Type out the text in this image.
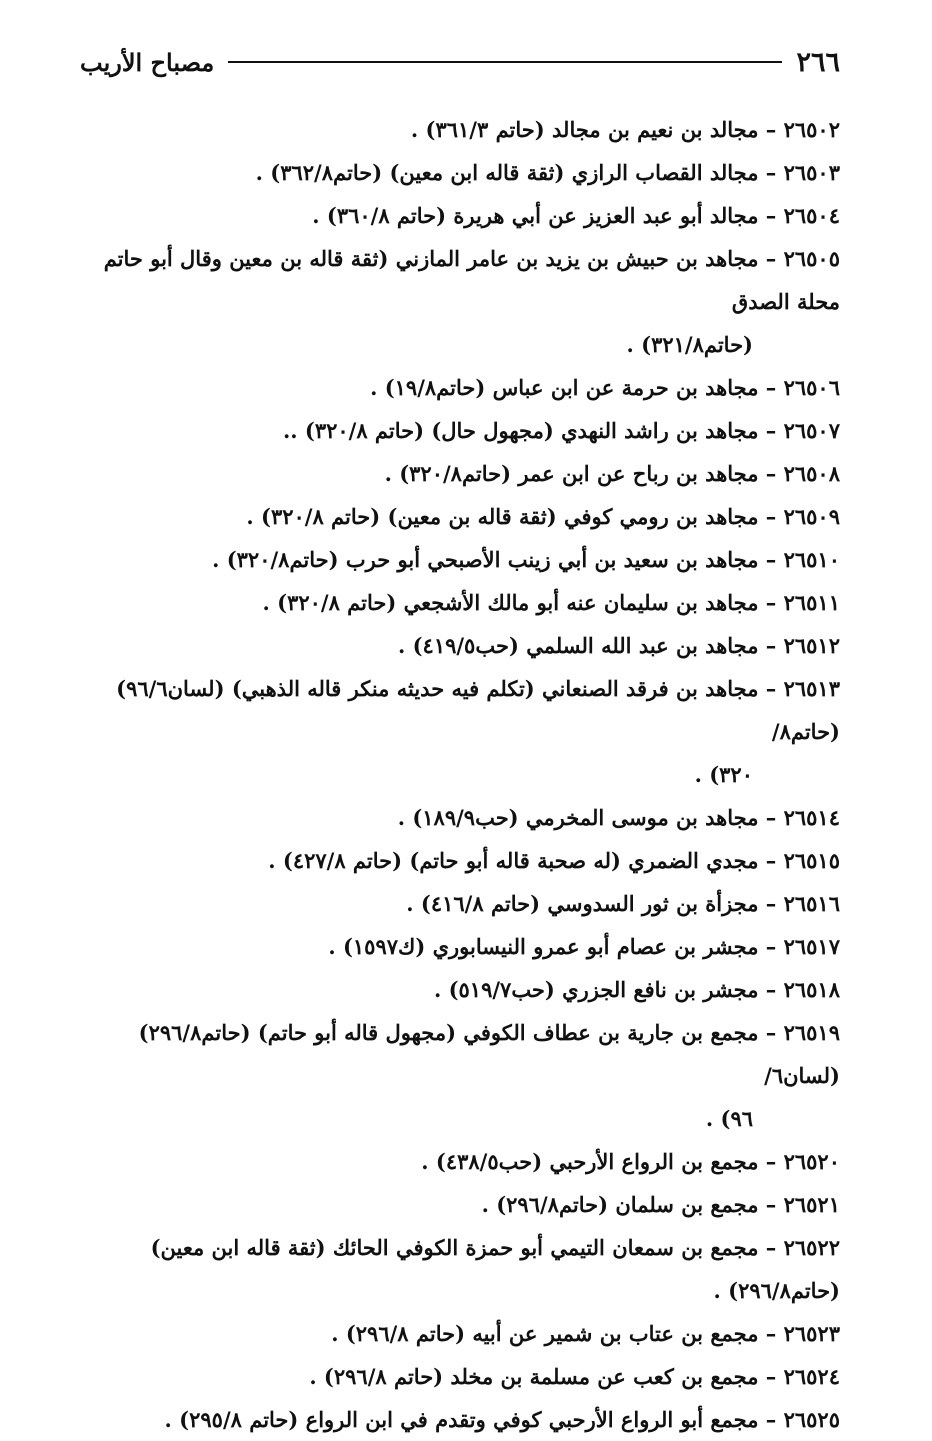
٢٦٦
مصباح الأريب
٢٦٥٠٢ – مجالد بن نعيم بن مجالد (حاتم ٣٦١/٣) .
٢٦٥٠٣ – مجالد القصاب الرازي (ثقة قاله ابن معين) (حاتم٣٦٢/٨) .
٢٦٥٠٤ – مجالد أبو عبد العزيز عن أبي هريرة (حاتم ٣٦٠/٨) .
٢٦٥٠٥ – مجاهد بن حبيش بن يزيد بن عامر المازني (ثقة قاله بن معين وقال أبو حاتم محلة الصدق
(حاتم٣٢١/٨) .
٢٦٥٠٦ – مجاهد بن حرمة عن ابن عباس (حاتم١٩/٨) .
٢٦٥٠٧ – مجاهد بن راشد النهدي (مجهول حال) (حاتم ٣٢٠/٨) ..
٢٦٥٠٨ – مجاهد بن رباح عن ابن عمر (حاتم٣٢٠/٨) .
٢٦٥٠٩ – مجاهد بن رومي كوفي (ثقة قاله بن معين) (حاتم ٣٢٠/٨) .
٢٦٥١٠ – مجاهد بن سعيد بن أبي زينب الأصبحي أبو حرب (حاتم٣٢٠/٨) .
٢٦٥١١ – مجاهد بن سليمان عنه أبو مالك الأشجعي (حاتم ٣٢٠/٨) .
٢٦٥١٢ – مجاهد بن عبد الله السلمي (حب٤١٩/٥) .
٢٦٥١٣ – مجاهد بن فرقد الصنعاني (تكلم فيه حديثه منكر قاله الذهبي) (لسان٩٦/٦) (حاتم٨/
٣٢٠) .
٢٦٥١٤ – مجاهد بن موسى المخرمي (حب١٨٩/٩) .
٢٦٥١٥ – مجدي الضمري (له صحبة قاله أبو حاتم) (حاتم ٤٢٧/٨) .
٢٦٥١٦ – مجزأة بن ثور السدوسي (حاتم ٤١٦/٨) .
٢٦٥١٧ – مجشر بن عصام أبو عمرو النيسابوري (ك١٥٩٧) .
٢٦٥١٨ – مجشر بن نافع الجزري (حب٥١٩/٧) .
٢٦٥١٩ – مجمع بن جارية بن عطاف الكوفي (مجهول قاله أبو حاتم) (حاتم٢٩٦/٨) (لسان٦/
٩٦) .
٢٦٥٢٠ – مجمع بن الرواع الأرحبي (حب٤٣٨/٥) .
٢٦٥٢١ – مجمع بن سلمان (حاتم٢٩٦/٨) .
٢٦٥٢٢ – مجمع بن سمعان التيمي أبو حمزة الكوفي الحائك (ثقة قاله ابن معين) (حاتم٢٩٦/٨) .
٢٦٥٢٣ – مجمع بن عتاب بن شمير عن أبيه (حاتم ٢٩٦/٨) .
٢٦٥٢٤ – مجمع بن كعب عن مسلمة بن مخلد (حاتم ٢٩٦/٨) .
٢٦٥٢٥ – مجمع أبو الرواع الأرحبي كوفي وتقدم في ابن الرواع (حاتم ٢٩٥/٨) .
